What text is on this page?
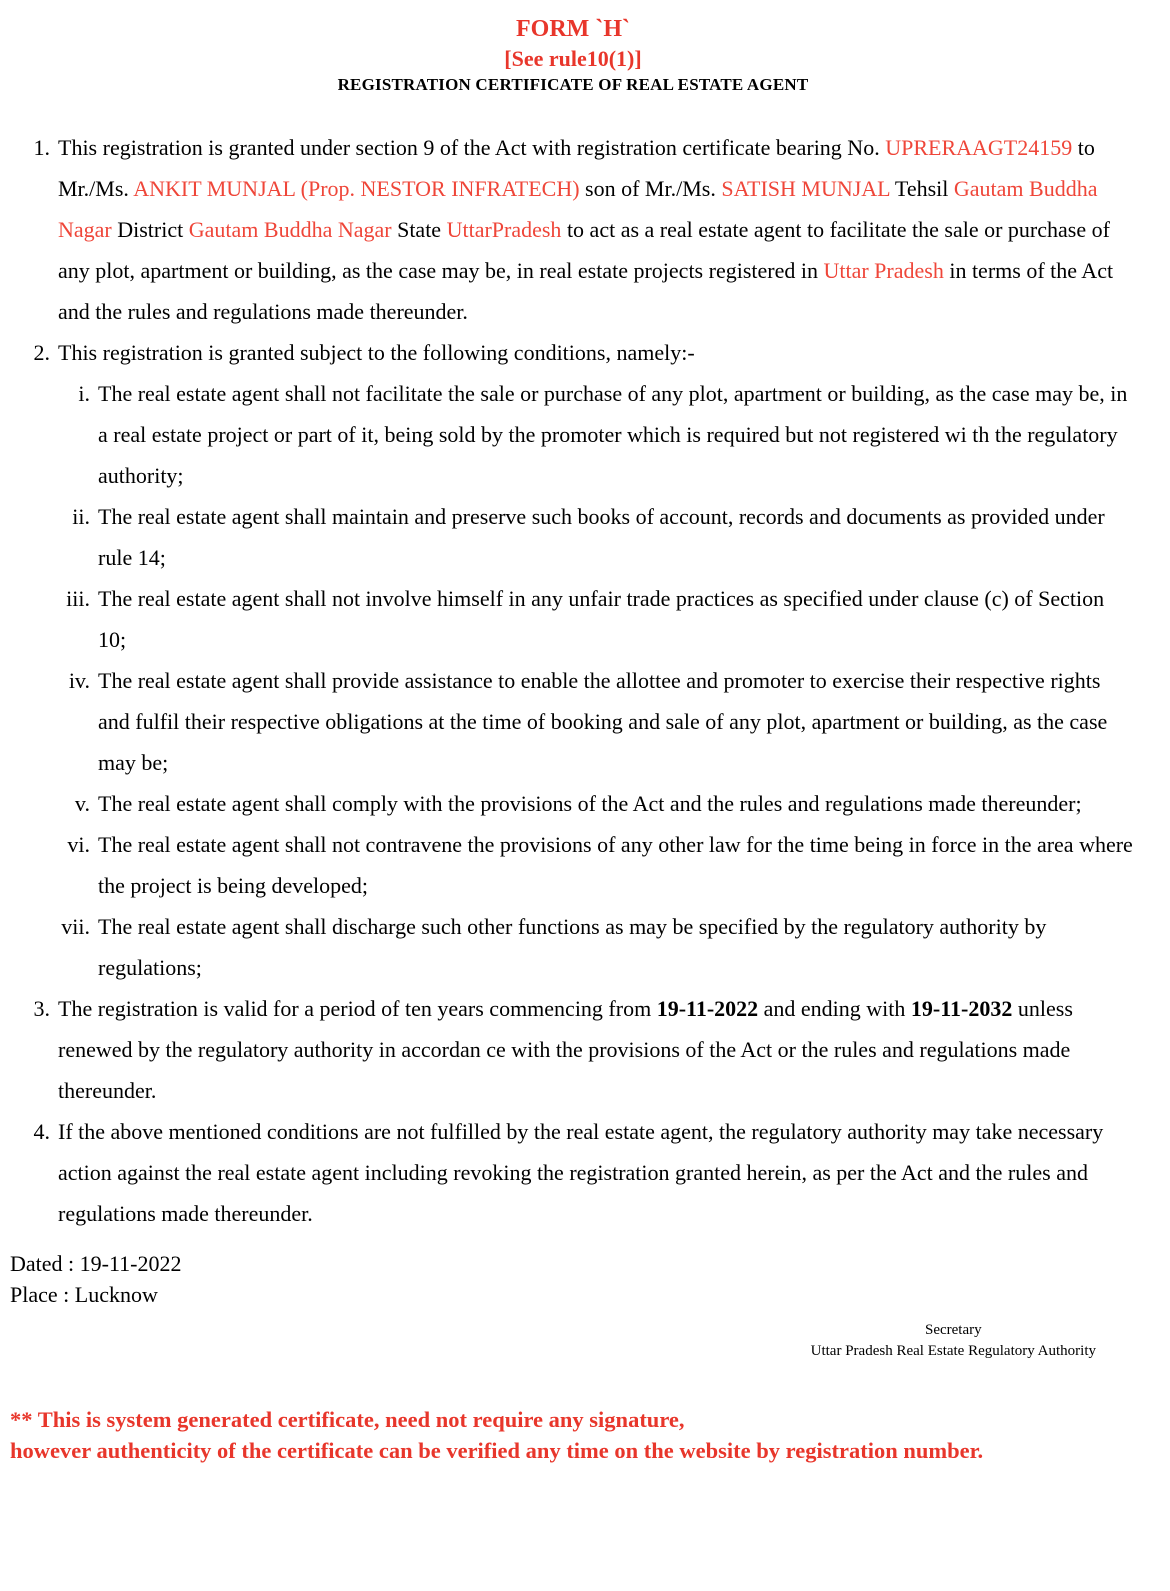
FORM `H`
[See rule10(1)]
REGISTRATION CERTIFICATE OF REAL ESTATE AGENT
1. This registration is granted under section 9 of the Act with registration certificate bearing No. UPRERAAGT24159 to Mr./Ms. ANKIT MUNJAL (Prop. NESTOR INFRATECH) son of Mr./Ms. SATISH MUNJAL Tehsil Gautam Buddha Nagar District Gautam Buddha Nagar State UttarPradesh to act as a real estate agent to facilitate the sale or purchase of any plot, apartment or building, as the case may be, in real estate projects registered in Uttar Pradesh in terms of the Act and the rules and regulations made thereunder.
2. This registration is granted subject to the following conditions, namely:-
i. The real estate agent shall not facilitate the sale or purchase of any plot, apartment or building, as the case may be, in a real estate project or part of it, being sold by the promoter which is required but not registered wi th the regulatory authority;
ii. The real estate agent shall maintain and preserve such books of account, records and documents as provided under rule 14;
iii. The real estate agent shall not involve himself in any unfair trade practices as specified under clause (c) of Section 10;
iv. The real estate agent shall provide assistance to enable the allottee and promoter to exercise their respective rights and fulfil their respective obligations at the time of booking and sale of any plot, apartment or building, as the case may be;
v. The real estate agent shall comply with the provisions of the Act and the rules and regulations made thereunder;
vi. The real estate agent shall not contravene the provisions of any other law for the time being in force in the area where the project is being developed;
vii. The real estate agent shall discharge such other functions as may be specified by the regulatory authority by regulations;
3. The registration is valid for a period of ten years commencing from 19-11-2022 and ending with 19-11-2032 unless renewed by the regulatory authority in accordan ce with the provisions of the Act or the rules and regulations made thereunder.
4. If the above mentioned conditions are not fulfilled by the real estate agent, the regulatory authority may take necessary action against the real estate agent including revoking the registration granted herein, as per the Act and the rules and regulations made thereunder.
Dated : 19-11-2022
Place : Lucknow
Secretary
Uttar Pradesh Real Estate Regulatory Authority
** This is system generated certificate, need not require any signature,
however authenticity of the certificate can be verified any time on the website by registration number.
